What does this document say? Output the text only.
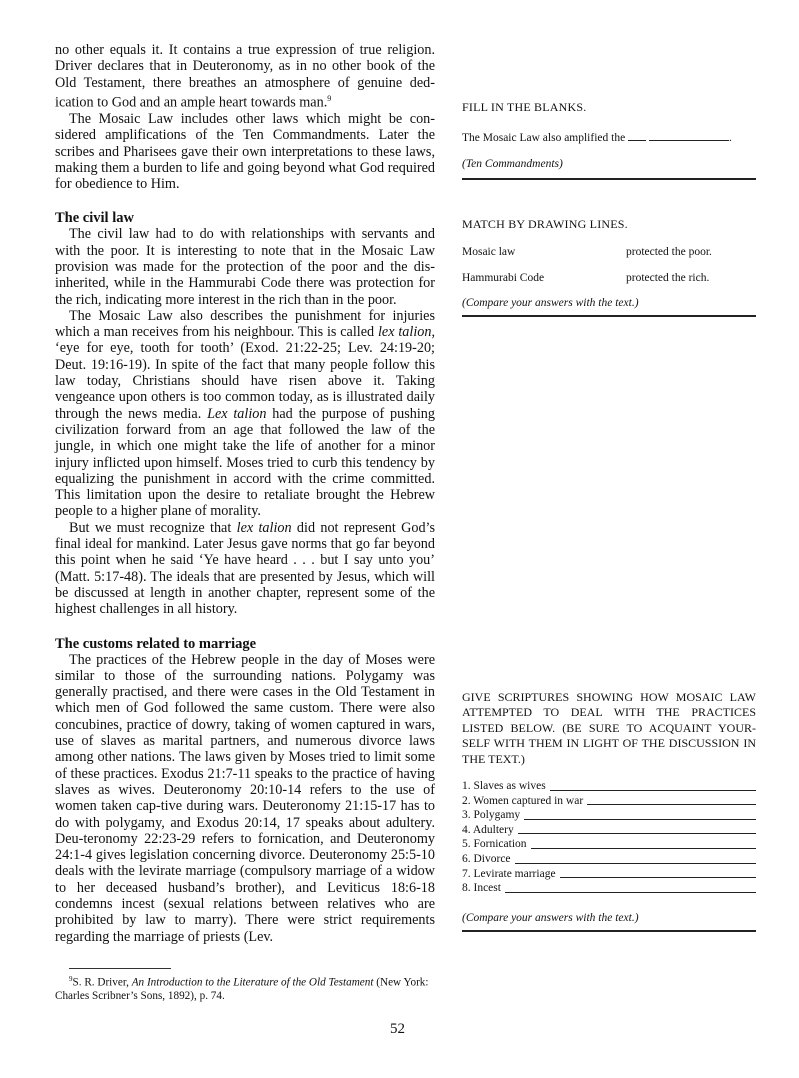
no other equals it. It contains a true expression of true religion. Driver declares that in Deuteronomy, as in no other book of the Old Testament, there breathes an atmosphere of genuine ded-ication to God and an ample heart towards man.$^9$

The Mosaic Law includes other laws which might be con-sidered amplifications of the Ten Commandments. Later the scribes and Pharisees gave their own interpretations to these laws, making them a burden to life and going beyond what God required for obedience to Him.

The civil law

The civil law had to do with relationships with servants and with the poor. It is interesting to note that in the Mosaic Law provision was made for the protection of the poor and the dis-inherited, while in the Hammurabi Code there was protection for the rich, indicating more interest in the rich than in the poor.

The Mosaic Law also describes the punishment for injuries which a man receives from his neighbour. This is called lex talion, ‘eye for eye, tooth for tooth’ (Exod. 21:22-25; Lev. 24:19-20; Deut. 19:16-19). In spite of the fact that many people follow this law today, Christians should have risen above it. Taking vengeance upon others is too common today, as is illustrated daily through the news media. Lex talion had the purpose of pushing civilization forward from an age that followed the law of the jungle, in which one might take the life of another for a minor injury inflicted upon himself. Moses tried to curb this tendency by equalizing the punishment in accord with the crime committed. This limitation upon the desire to retaliate brought the Hebrew people to a higher plane of morality.

But we must recognize that lex talion did not represent God’s final ideal for mankind. Later Jesus gave norms that go far beyond this point when he said ‘Ye have heard . . . but I say unto you’ (Matt. 5:17-48). The ideals that are presented by Jesus, which will be discussed at length in another chapter, represent some of the highest challenges in all history.

The customs related to marriage

The practices of the Hebrew people in the day of Moses were similar to those of the surrounding nations. Polygamy was generally practised, and there were cases in the Old Testament in which men of God followed the same custom. There were also concubines, practice of dowry, taking of women captured in wars, use of slaves as marital partners, and numerous divorce laws among other nations. The laws given by Moses tried to limit some of these practices. Exodus 21:7-11 speaks to the practice of having slaves as wives. Deuteronomy 20:10-14 refers to the use of women taken cap-tive during wars. Deuteronomy 21:15-17 has to do with polygamy, and Exodus 20:14, 17 speaks about adultery. Deu-teronomy 22:23-29 refers to fornication, and Deuteronomy 24:1-4 gives legislation concerning divorce. Deuteronomy 25:5-10 deals with the levirate marriage (compulsory marriage of a widow to her deceased husband’s brother), and Leviticus 18:6-18 condemns incest (sexual relations between relatives who are prohibited by law to marry). There were strict requirements regarding the marriage of priests (Lev.

$^9$S. R. Driver, An Introduction to the Literature of the Old Testament (New York: Charles Scribner’s Sons, 1892), p. 74.

52
FILL IN THE BLANKS.
The Mosaic Law also amplified the	.
(Ten Commandments)
MATCH BY DRAWING LINES.
Mosaic law	protected the poor.
Hammurabi Code	protected the rich.
(Compare your answers with the text.)
GIVE SCRIPTURES SHOWING HOW MOSAIC LAW ATTEMPTED TO DEAL WITH THE PRACTICES LISTED BELOW. (BE SURE TO ACQUAINT YOUR-SELF WITH THEM IN LIGHT OF THE DISCUSSION IN THE TEXT.)
1. Slaves as wives
2. Women captured in war
3. Polygamy
4. Adultery
5. Fornication
6. Divorce
7. Levirate marriage
8. Incest
(Compare your answers with the text.)
